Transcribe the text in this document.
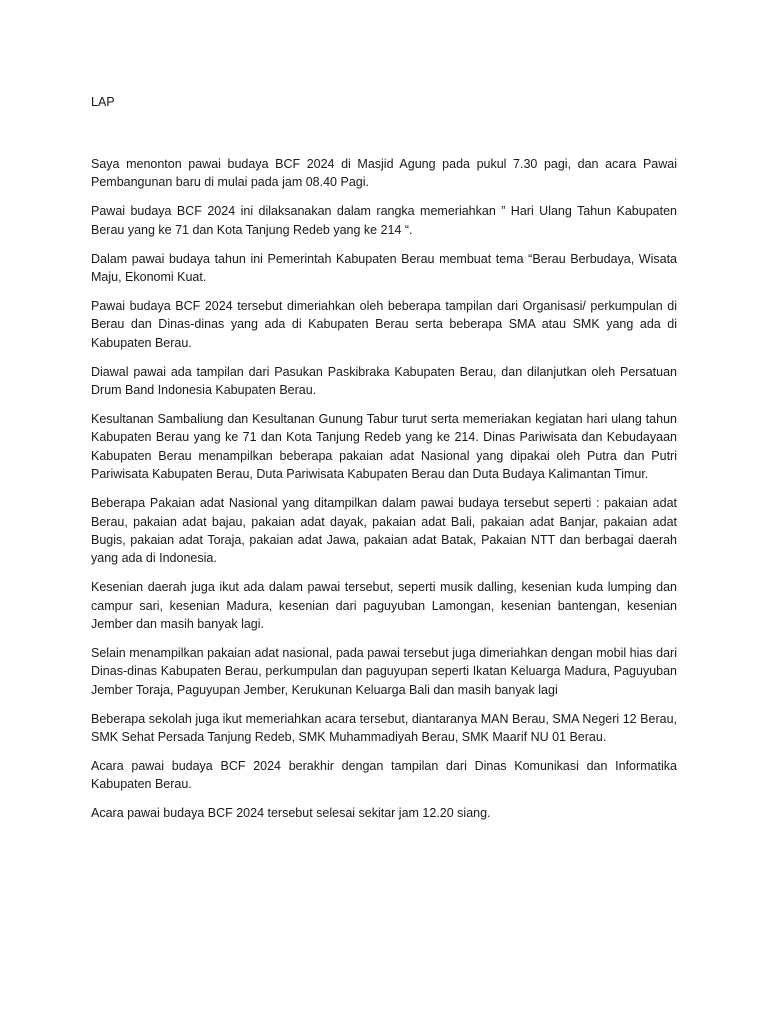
LAP

Saya menonton pawai budaya BCF 2024 di Masjid Agung pada pukul 7.30 pagi, dan acara Pawai Pembangunan baru di mulai pada jam 08.40 Pagi.

Pawai budaya BCF 2024 ini dilaksanakan dalam rangka memeriahkan ” Hari Ulang Tahun Kabupaten Berau yang ke 71 dan Kota Tanjung Redeb yang ke 214 “.

Dalam pawai budaya tahun ini Pemerintah Kabupaten Berau membuat tema “Berau Berbudaya, Wisata Maju, Ekonomi Kuat.

Pawai budaya BCF 2024 tersebut dimeriahkan oleh beberapa tampilan dari Organisasi/ perkumpulan di Berau dan Dinas-dinas yang ada di Kabupaten Berau serta beberapa SMA atau SMK yang ada di Kabupaten Berau.

Diawal pawai ada tampilan dari Pasukan Paskibraka Kabupaten Berau, dan dilanjutkan oleh Persatuan Drum Band Indonesia Kabupaten Berau.

Kesultanan Sambaliung dan Kesultanan Gunung Tabur turut serta memeriakan kegiatan hari ulang tahun Kabupaten Berau yang ke 71 dan Kota Tanjung Redeb yang ke 214. Dinas Pariwisata dan Kebudayaan Kabupaten Berau menampilkan beberapa pakaian adat Nasional yang dipakai oleh Putra dan Putri Pariwisata Kabupaten Berau, Duta Pariwisata Kabupaten Berau dan Duta Budaya Kalimantan Timur.

Beberapa Pakaian adat Nasional yang ditampilkan dalam pawai budaya tersebut seperti : pakaian adat Berau, pakaian adat bajau, pakaian adat dayak, pakaian adat Bali, pakaian adat Banjar, pakaian adat Bugis, pakaian adat Toraja, pakaian adat Jawa, pakaian adat Batak, Pakaian NTT dan berbagai daerah yang ada di Indonesia.

Kesenian daerah juga ikut ada dalam pawai tersebut, seperti musik dalling, kesenian kuda lumping dan campur sari, kesenian Madura, kesenian dari paguyuban Lamongan, kesenian bantengan, kesenian Jember dan masih banyak lagi.

Selain menampilkan pakaian adat nasional, pada pawai tersebut juga dimeriahkan dengan mobil hias dari Dinas-dinas Kabupaten Berau, perkumpulan dan paguyupan seperti Ikatan Keluarga Madura, Paguyuban Jember Toraja, Paguyupan Jember, Kerukunan Keluarga Bali dan masih banyak lagi

Beberapa sekolah juga ikut memeriahkan acara tersebut, diantaranya MAN Berau, SMA Negeri 12 Berau, SMK Sehat Persada Tanjung Redeb, SMK Muhammadiyah Berau, SMK Maarif NU 01 Berau.

Acara pawai budaya BCF 2024 berakhir dengan tampilan dari Dinas Komunikasi dan Informatika Kabupaten Berau.

Acara pawai budaya BCF 2024 tersebut selesai sekitar jam 12.20 siang.
